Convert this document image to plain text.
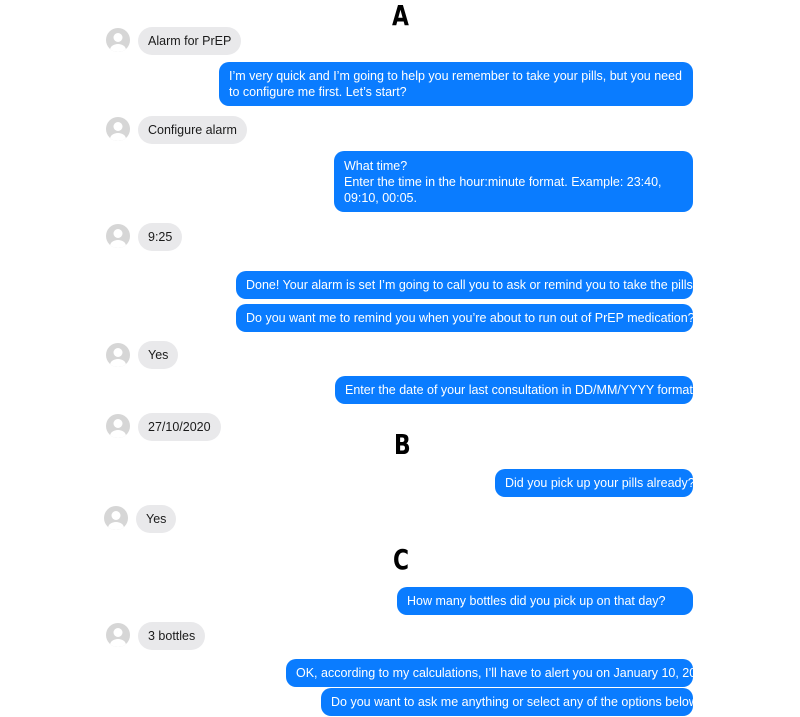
A
B
C
Alarm for PrEP
I’m very quick and I’m going to help you remember to take your pills, but you need to configure me first. Let’s start?
Configure alarm
What time?
Enter the time in the hour:minute format. Example: 23:40, 09:10, 00:05.
9:25
Done! Your alarm is set I’m going to call you to ask or remind you to take the pills!
Do you want me to remind you when you’re about to run out of PrEP medication?
Yes
Enter the date of your last consultation in DD/MM/YYYY format
27/10/2020
Did you pick up your pills already?
Yes
How many bottles did you pick up on that day?
3 bottles
OK, according to my calculations, I’ll have to alert you on January 10, 2021!
Do you want to ask me anything or select any of the options below?
